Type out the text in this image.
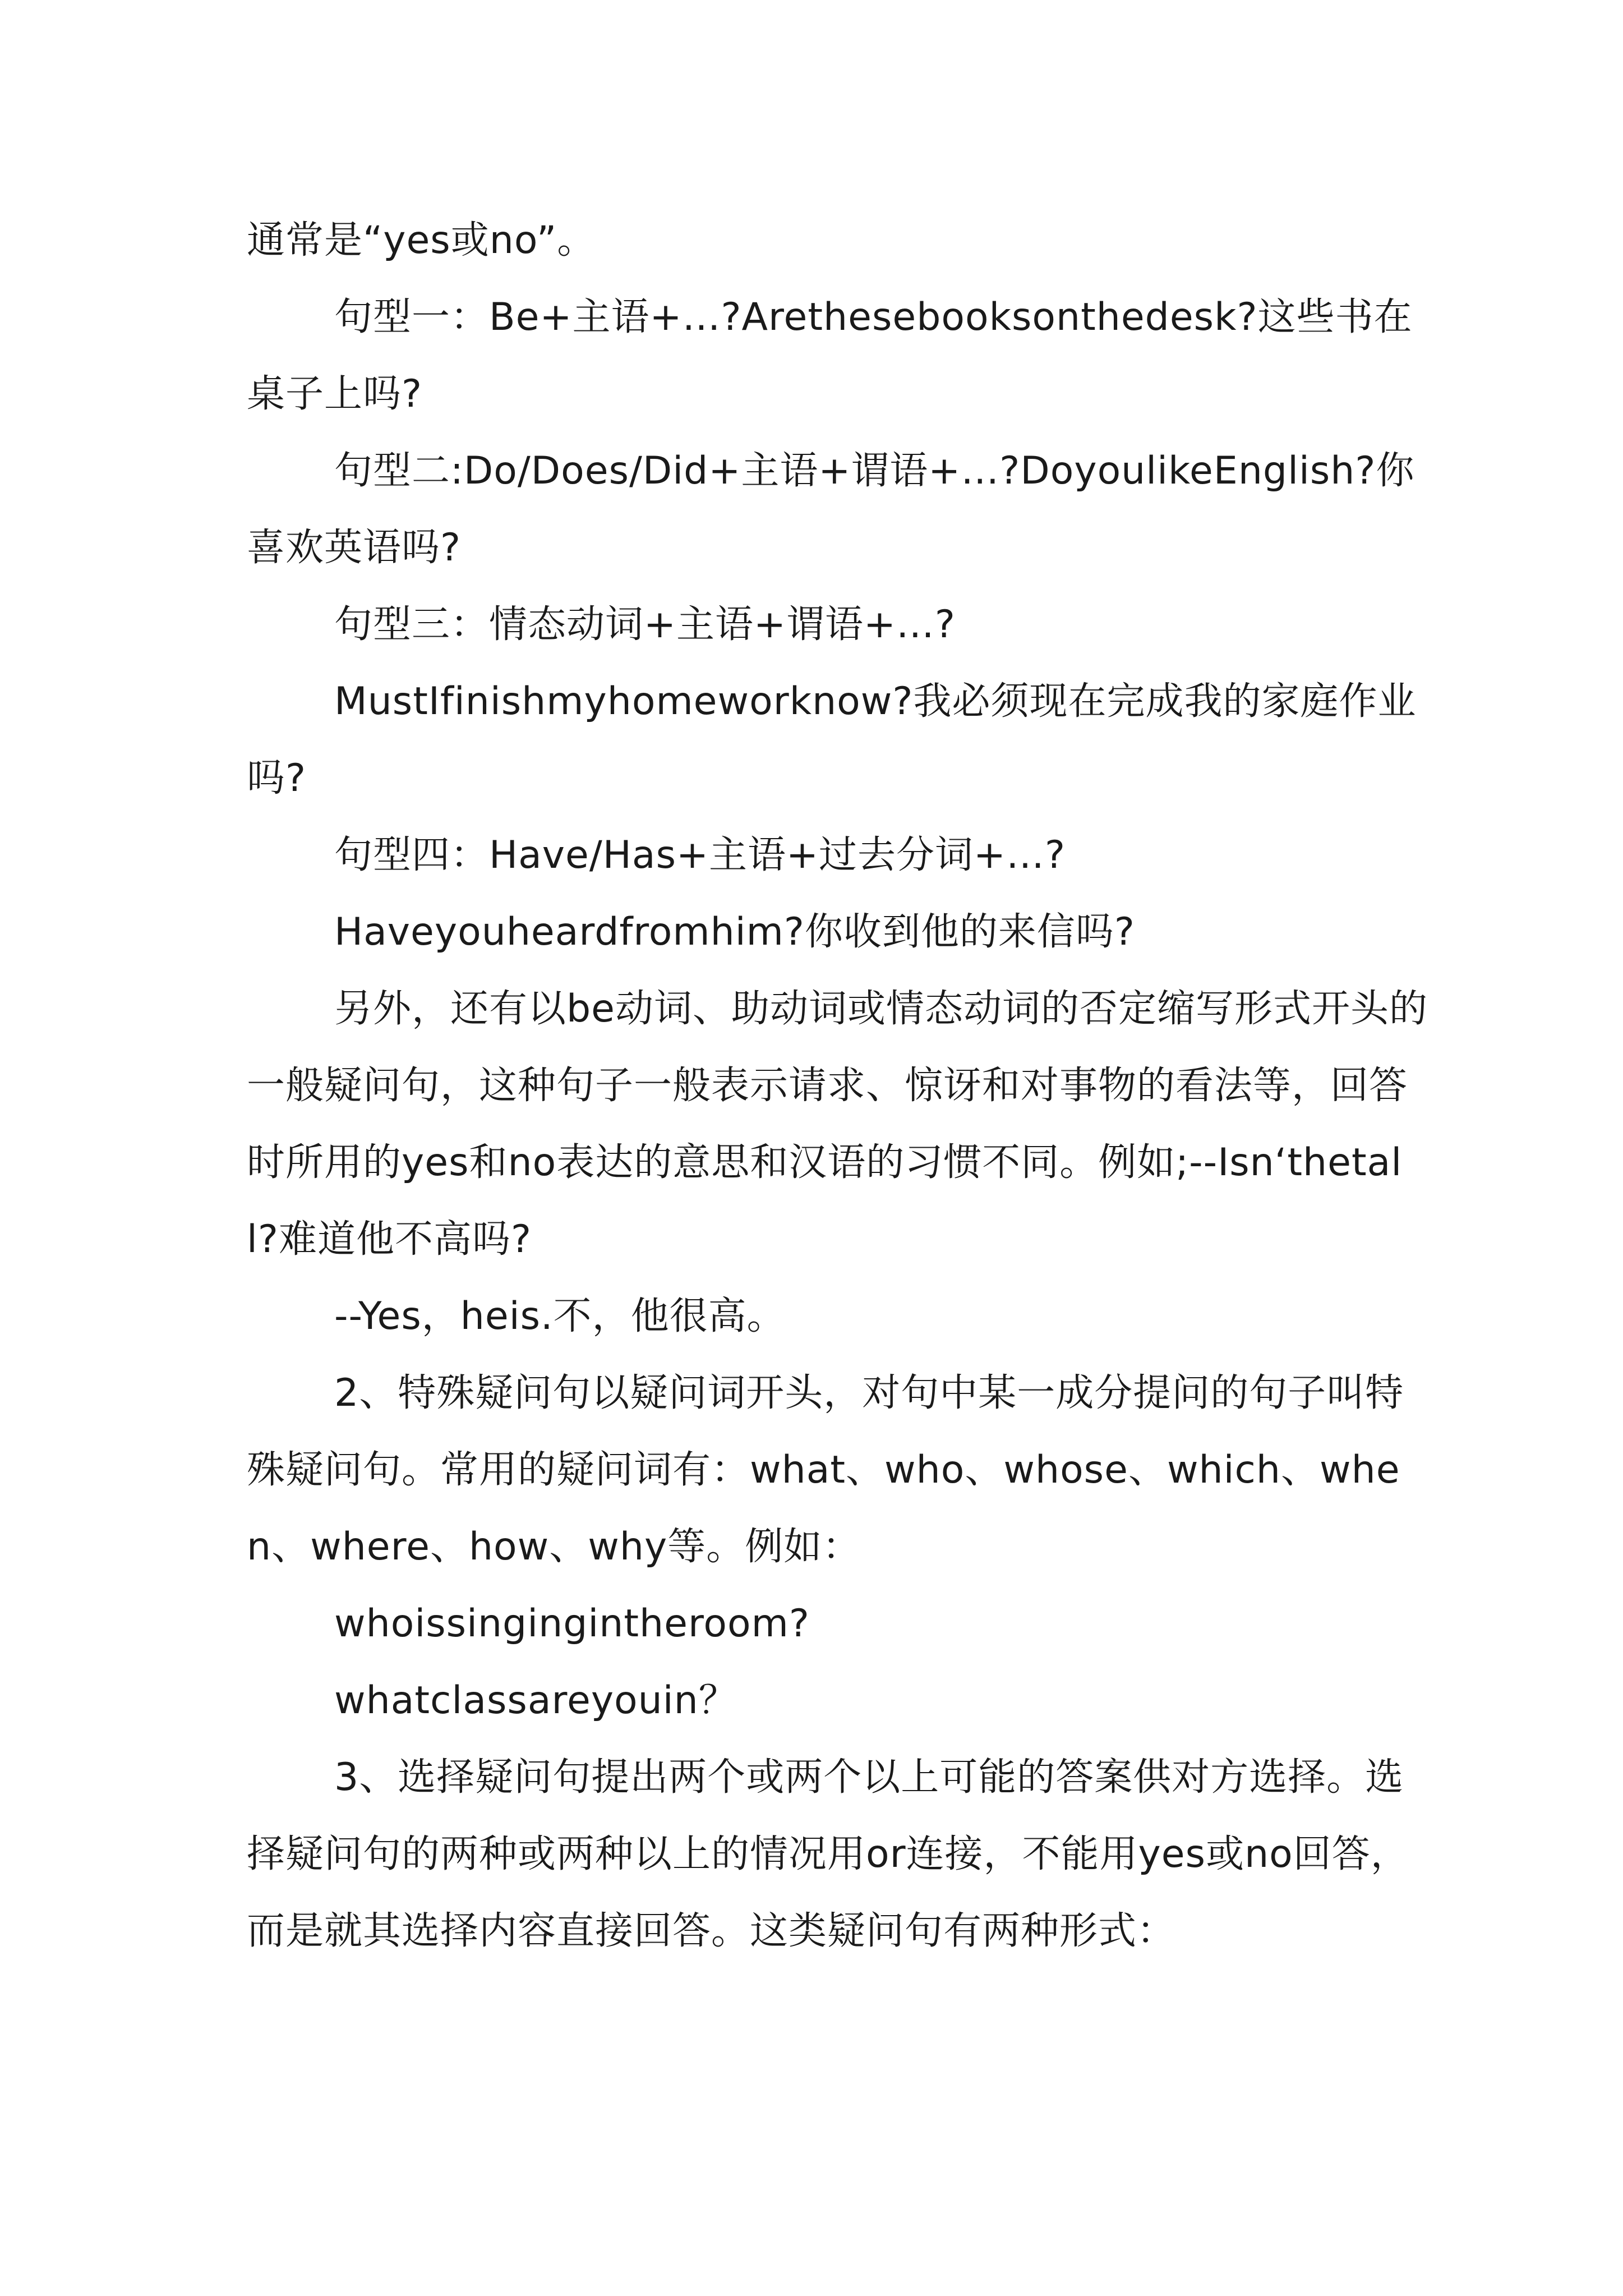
通常是“yes或no”。

句型一：Be+主语+…?Arethesebooksonthedesk?这些书在桌子上吗?

句型二:Do/Does/Did+主语+谓语+…?DoyoulikeEnglish?你喜欢英语吗?

句型三：情态动词+主语+谓语+…?

MustIfinishmyhomeworknow?我必须现在完成我的家庭作业吗?

句型四：Have/Has+主语+过去分词+…?

Haveyouheardfromhim?你收到他的来信吗?

另外，还有以be动词、助动词或情态动词的否定缩写形式开头的一般疑问句，这种句子一般表示请求、惊讶和对事物的看法等，回答时所用的yes和no表达的意思和汉语的习惯不同。例如;--Isn‘thetall?难道他不高吗?

--Yes，heis.不，他很高。

2、特殊疑问句以疑问词开头，对句中某一成分提问的句子叫特殊疑问句。常用的疑问词有：what、who、whose、which、when、where、how、why等。例如：

whoissingingintheroom?

whatclassareyouin？

3、选择疑问句提出两个或两个以上可能的答案供对方选择。选择疑问句的两种或两种以上的情况用or连接，不能用yes或no回答，而是就其选择内容直接回答。这类疑问句有两种形式：
